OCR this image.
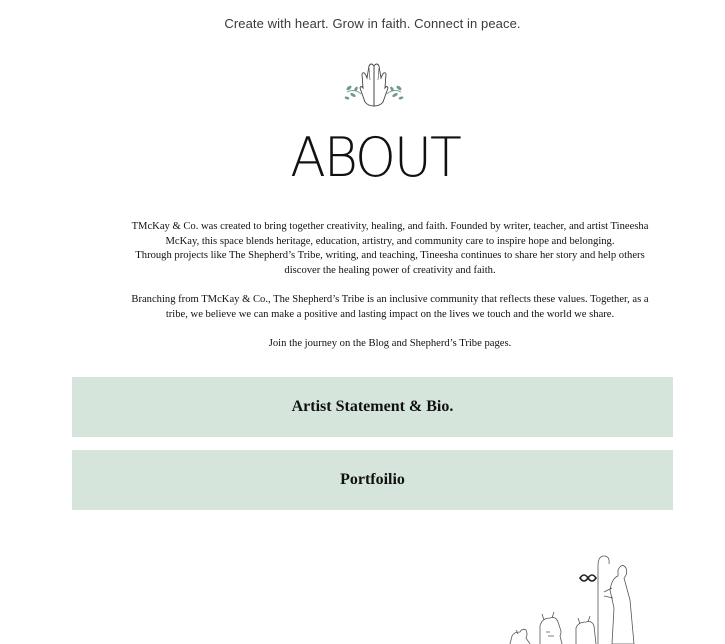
Create with heart. Grow in faith. Connect in peace.
ABOUT

TMcKay & Co. was created to bring together creativity, healing, and faith. Founded by writer, teacher, and artist Tineesha McKay, this space blends heritage, education, artistry, and community care to inspire hope and belonging.

Through projects like The Shepherd’s Tribe, writing, and teaching, Tineesha continues to share her story and help others discover the healing power of creativity and faith.

Branching from TMcKay & Co., The Shepherd’s Tribe is an inclusive community that reflects these values. Together, as a tribe, we believe we can make a positive and lasting impact on the lives we touch and the world we share.

Join the journey on the Blog and Shepherd’s Tribe pages.

Artist Statement & Bio.
Portfoilio
